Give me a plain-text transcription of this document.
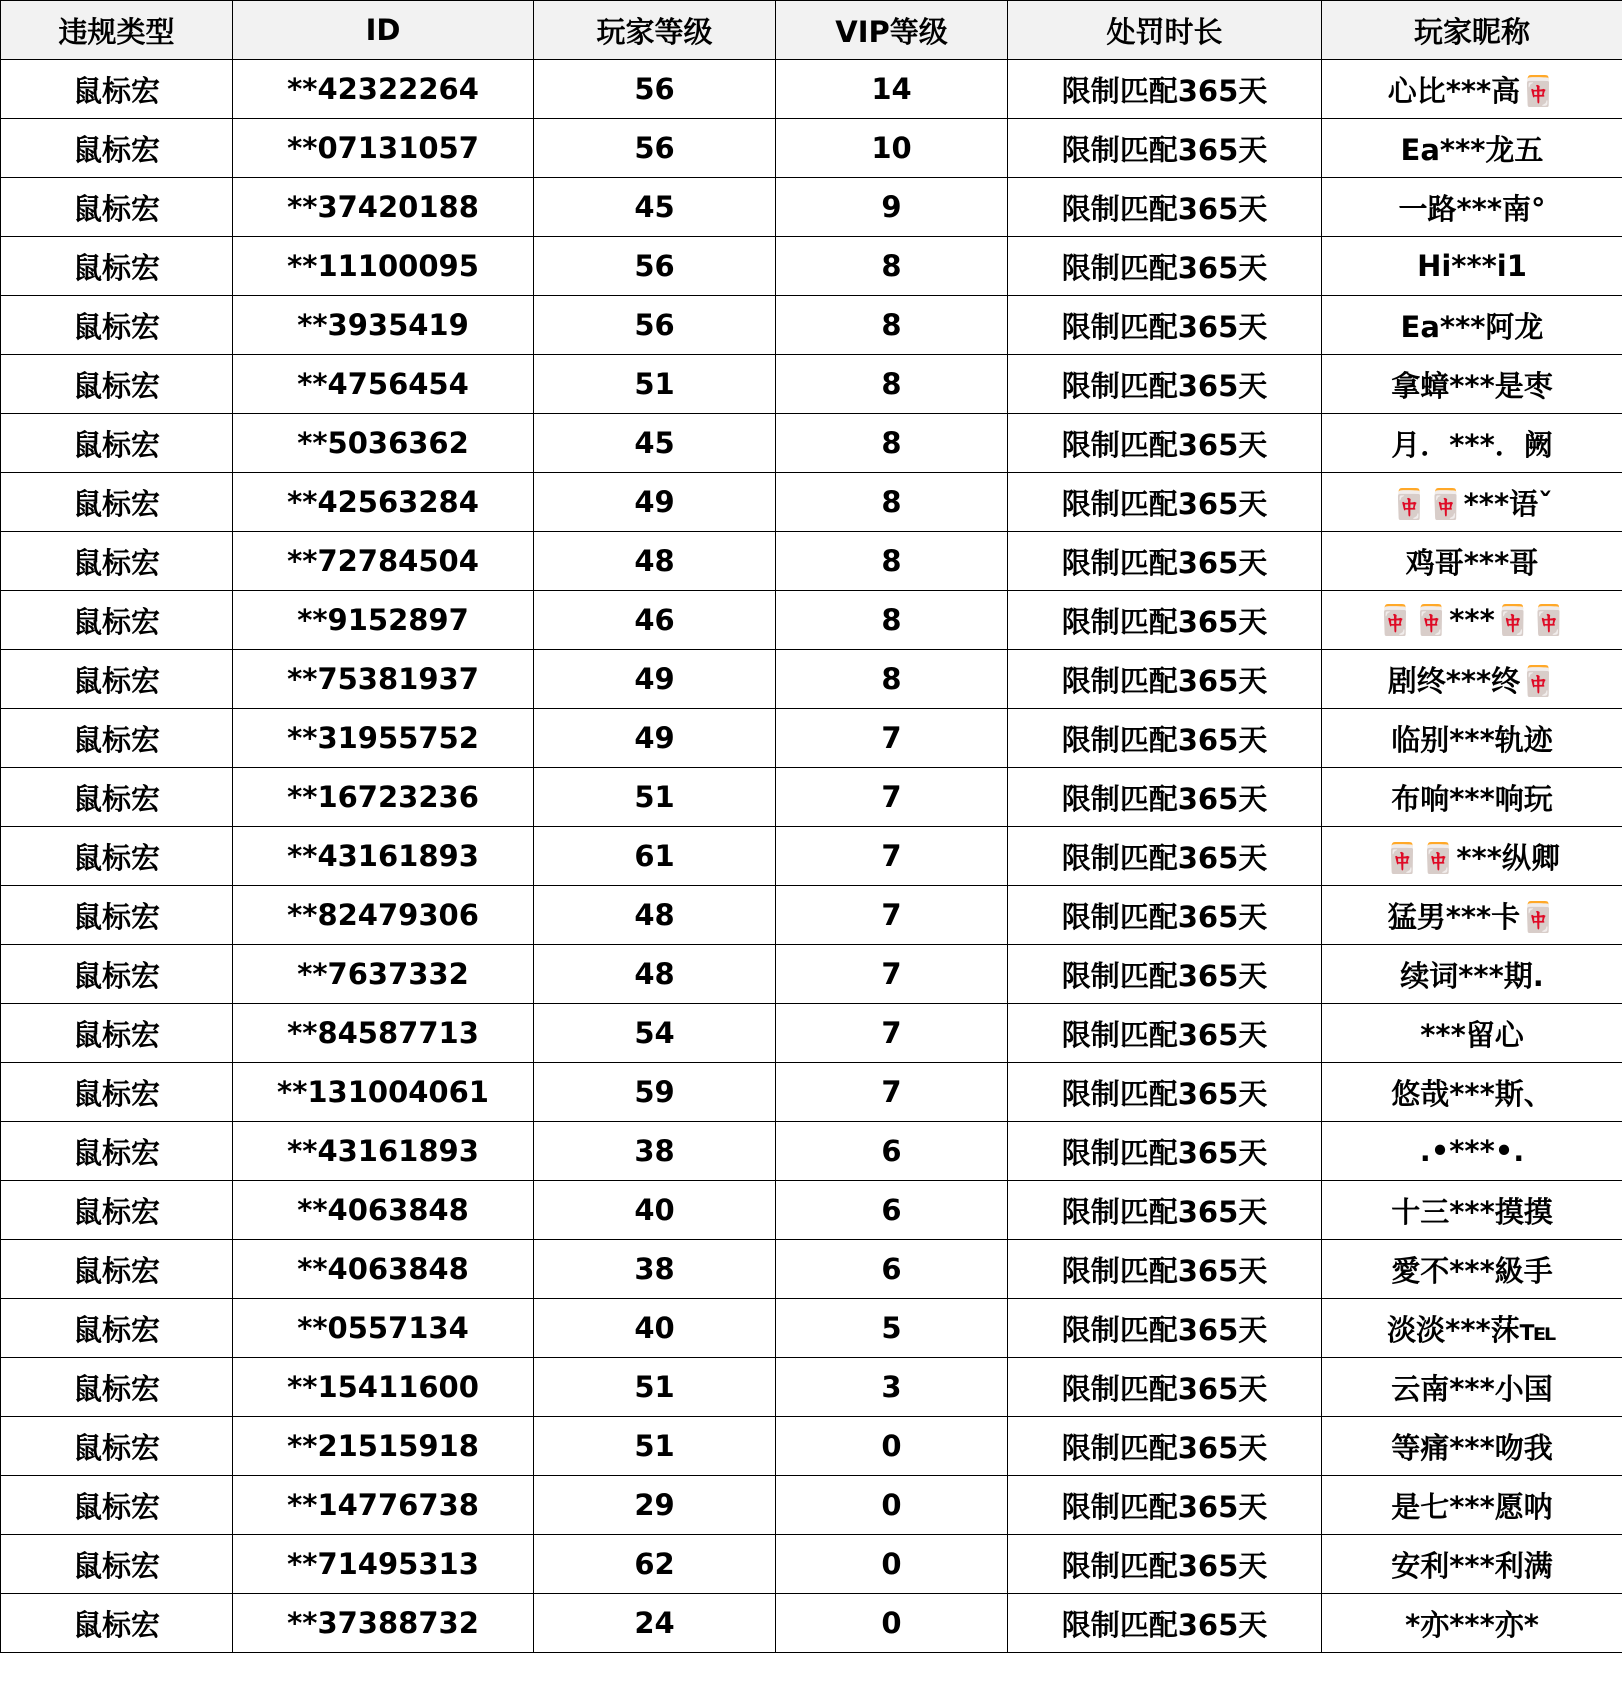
违规类型	ID	玩家等级	VIP等级	处罚时长	玩家昵称
鼠标宏	**42322264	56	14	限制匹配365天	心比***高🀄
鼠标宏	**07131057	56	10	限制匹配365天	Ea***龙五
鼠标宏	**37420188	45	9	限制匹配365天	一路***南°
鼠标宏	**11100095	56	8	限制匹配365天	Hi***i1
鼠标宏	**3935419	56	8	限制匹配365天	Ea***阿龙
鼠标宏	**4756454	51	8	限制匹配365天	拿蟑***是枣
鼠标宏	**5036362	45	8	限制匹配365天	月．***．阙
鼠标宏	**42563284	49	8	限制匹配365天	🀄🀄***语ˇ
鼠标宏	**72784504	48	8	限制匹配365天	鸡哥***哥
鼠标宏	**9152897	46	8	限制匹配365天	🀄🀄***🀄🀄
鼠标宏	**75381937	49	8	限制匹配365天	剧终***终🀄
鼠标宏	**31955752	49	7	限制匹配365天	临别***轨迹
鼠标宏	**16723236	51	7	限制匹配365天	布响***响玩
鼠标宏	**43161893	61	7	限制匹配365天	🀄🀄***纵卿
鼠标宏	**82479306	48	7	限制匹配365天	猛男***卡🀄
鼠标宏	**7637332	48	7	限制匹配365天	续词***期.
鼠标宏	**84587713	54	7	限制匹配365天	***留心
鼠标宏	**131004061	59	7	限制匹配365天	悠哉***斯、
鼠标宏	**43161893	38	6	限制匹配365天	.•***•.
鼠标宏	**4063848	40	6	限制匹配365天	十三***摸摸
鼠标宏	**4063848	38	6	限制匹配365天	愛不***級手
鼠标宏	**0557134	40	5	限制匹配365天	淡淡***莯℡
鼠标宏	**15411600	51	3	限制匹配365天	云南***小国
鼠标宏	**21515918	51	0	限制匹配365天	等痛***吻我
鼠标宏	**14776738	29	0	限制匹配365天	是七***愿呐
鼠标宏	**71495313	62	0	限制匹配365天	安利***利满
鼠标宏	**37388732	24	0	限制匹配365天	*亦***亦*
